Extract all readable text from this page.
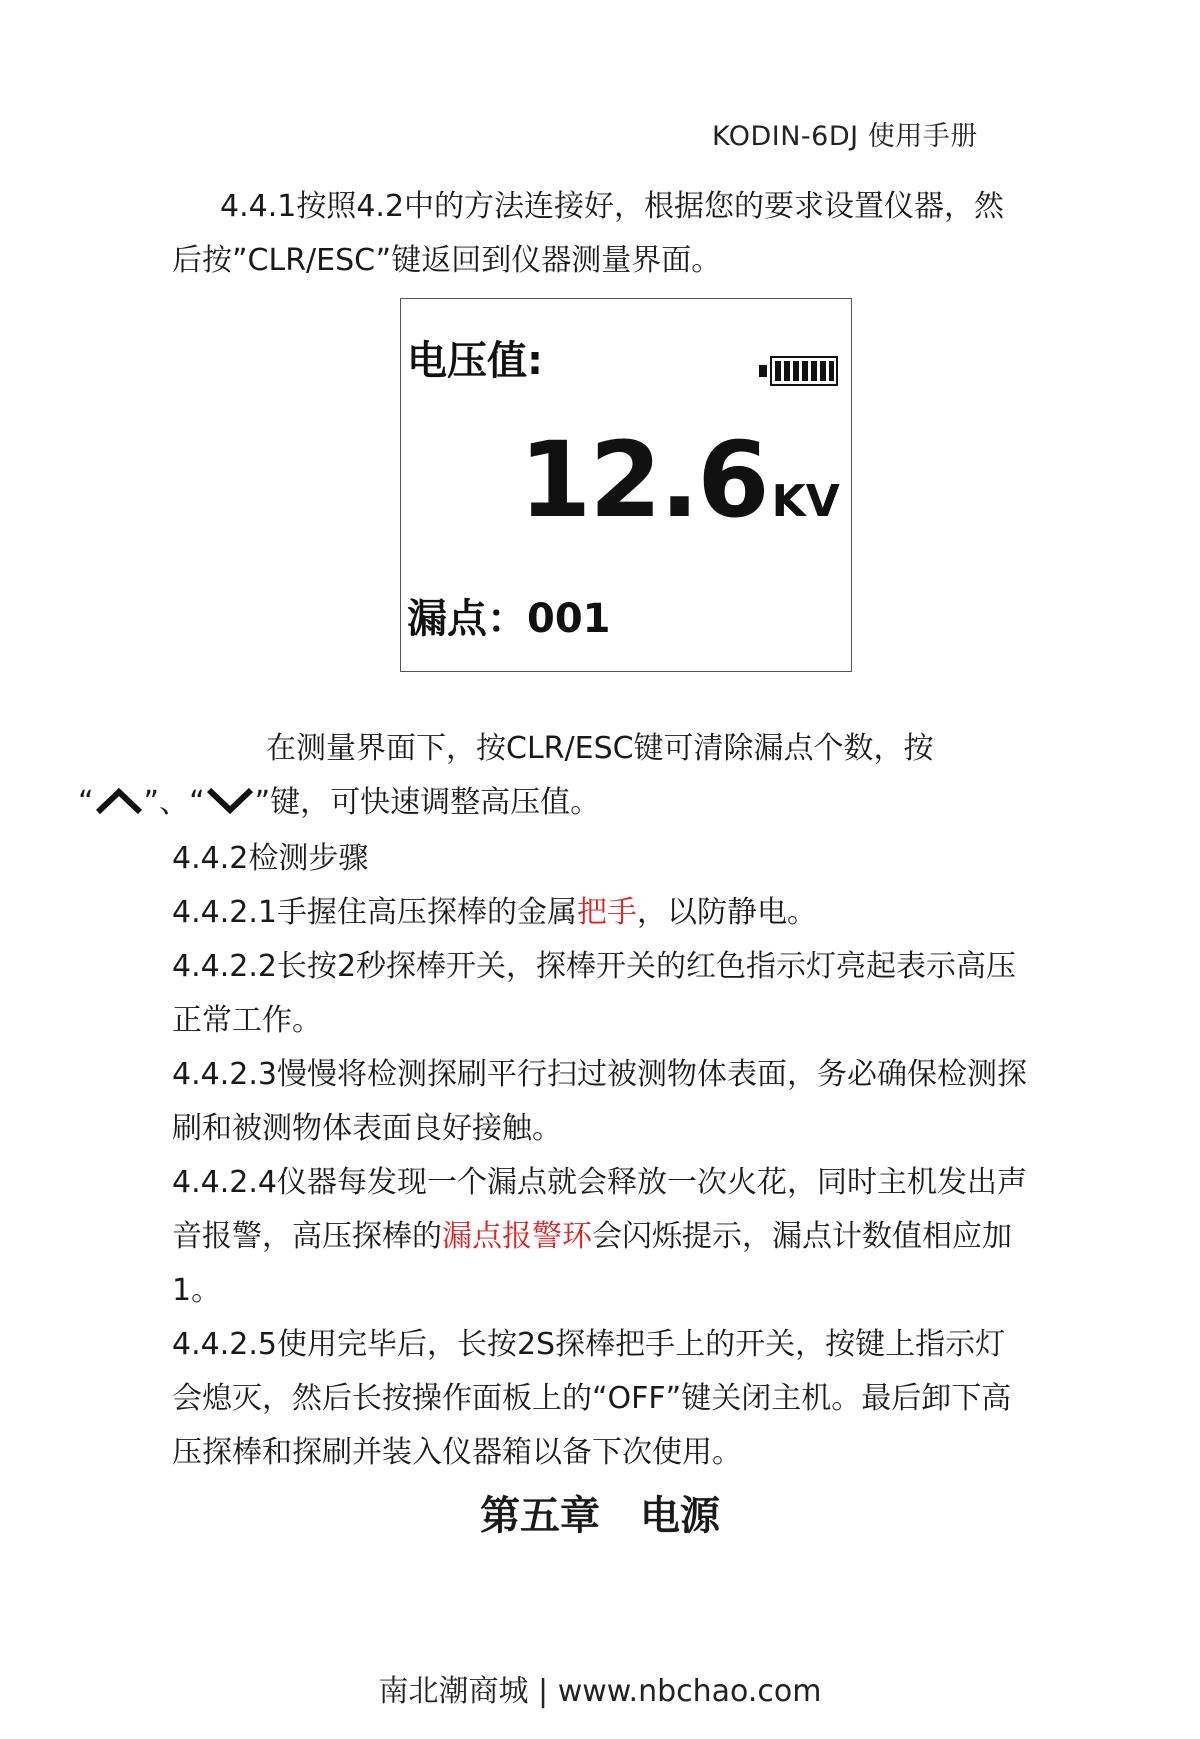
KODIN-6DJ 使用手册

4.4.1按照4.2中的方法连接好，根据您的要求设置仪器，然后按”CLR/ESC”键返回到仪器测量界面。

电压值:
12.6KV
漏点：001

在测量界面下，按CLR/ESC键可清除漏点个数，按
“ ”、“ ”键，可快速调整高压值。

4.4.2检测步骤

4.4.2.1手握住高压探棒的金属把手，以防静电。

4.4.2.2长按2秒探棒开关，探棒开关的红色指示灯亮起表示高压正常工作。

4.4.2.3慢慢将检测探刷平行扫过被测物体表面，务必确保检测探刷和被测物体表面良好接触。

4.4.2.4仪器每发现一个漏点就会释放一次火花，同时主机发出声音报警，高压探棒的漏点报警环会闪烁提示，漏点计数值相应加1。

4.4.2.5使用完毕后，长按2S探棒把手上的开关，按键上指示灯会熄灭，然后长按操作面板上的“OFF”键关闭主机。最后卸下高压探棒和探刷并装入仪器箱以备下次使用。

第五章 电源
南北潮商城 | www.nbchao.com
